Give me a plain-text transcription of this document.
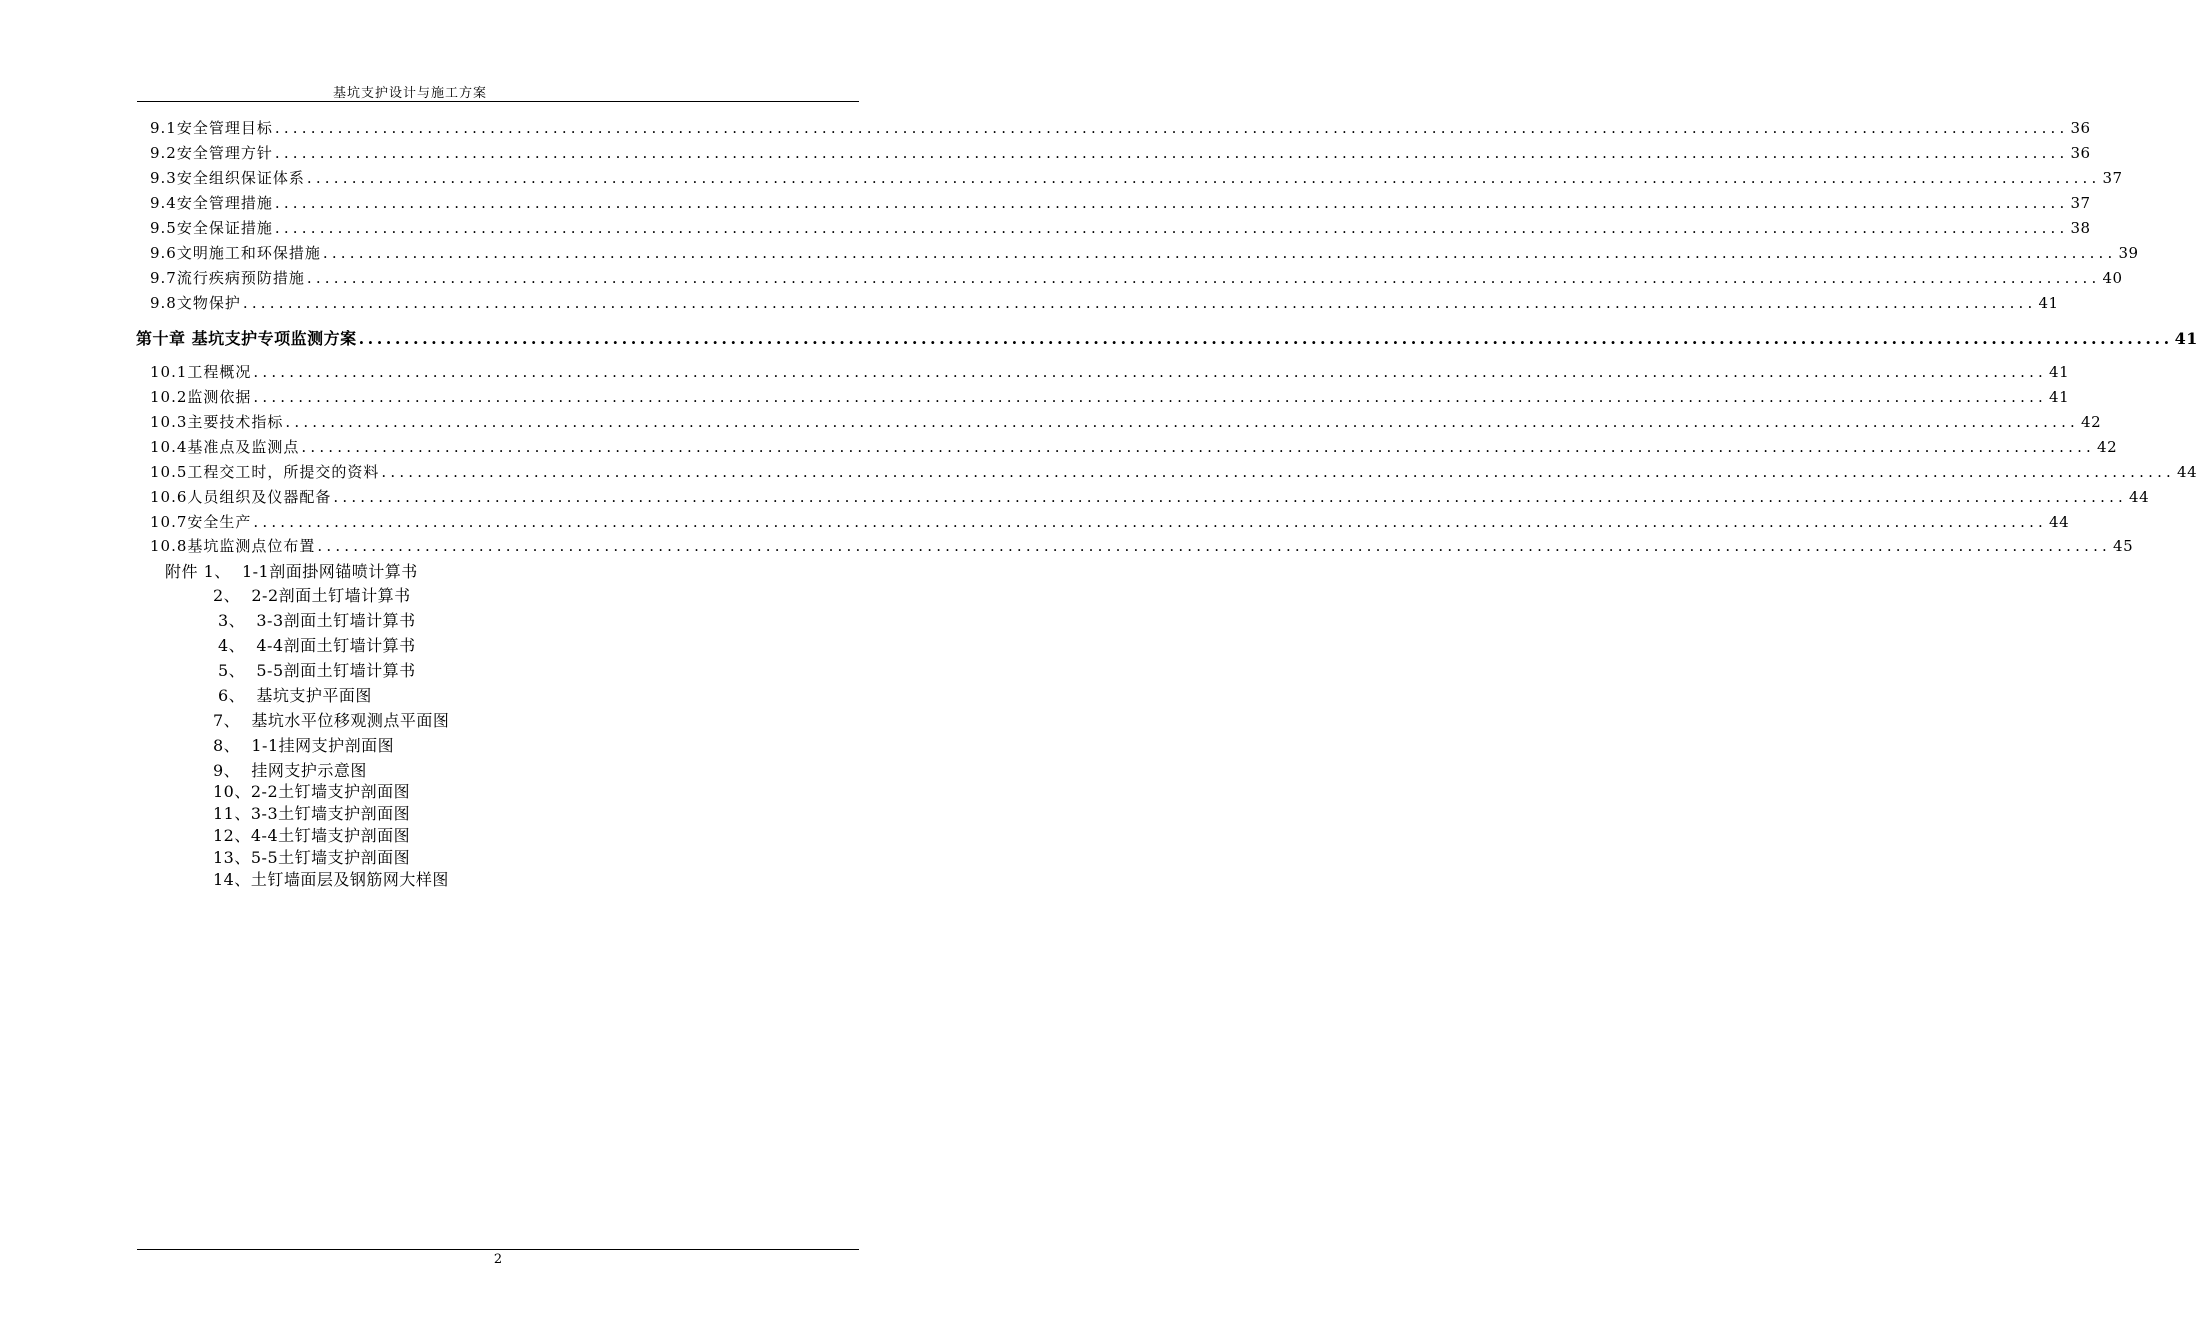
基坑支护设计与施工方案
9.1安全管理目标 ........................................................................................................................................................................................................ 36
9.2安全管理方针 ........................................................................................................................................................................................................ 36
9.3安全组织保证体系 ........................................................................................................................................................................................................ 37
9.4安全管理措施 ........................................................................................................................................................................................................ 37
9.5安全保证措施 ........................................................................................................................................................................................................ 38
9.6文明施工和环保措施 ........................................................................................................................................................................................................ 39
9.7流行疾病预防措施 ........................................................................................................................................................................................................ 40
9.8文物保护 ........................................................................................................................................................................................................ 41
第十章 基坑支护专项监测方案 ........................................................................................................................................................................................................ 41
10.1工程概况 ........................................................................................................................................................................................................ 41
10.2监测依据 ........................................................................................................................................................................................................ 41
10.3主要技术指标 ........................................................................................................................................................................................................ 42
10.4基准点及监测点 ........................................................................................................................................................................................................ 42
10.5工程交工时，所提交的资料 ........................................................................................................................................................................................................ 44
10.6人员组织及仪器配备 ........................................................................................................................................................................................................ 44
10.7安全生产 ........................................................................................................................................................................................................ 44
10.8基坑监测点位布置 ........................................................................................................................................................................................................ 45
附件 1、  1-1剖面掛网锚喷计算书
2、  2-2剖面土钉墙计算书
3、  3-3剖面土钉墙计算书
4、  4-4剖面土钉墙计算书
5、  5-5剖面土钉墙计算书
6、  基坑支护平面图
7、  基坑水平位移观测点平面图
8、  1-1挂网支护剖面图
9、  挂网支护示意图
10、2-2土钉墙支护剖面图
11、3-3土钉墙支护剖面图
12、4-4土钉墙支护剖面图
13、5-5土钉墙支护剖面图
14、土钉墙面层及钢筋网大样图
2
